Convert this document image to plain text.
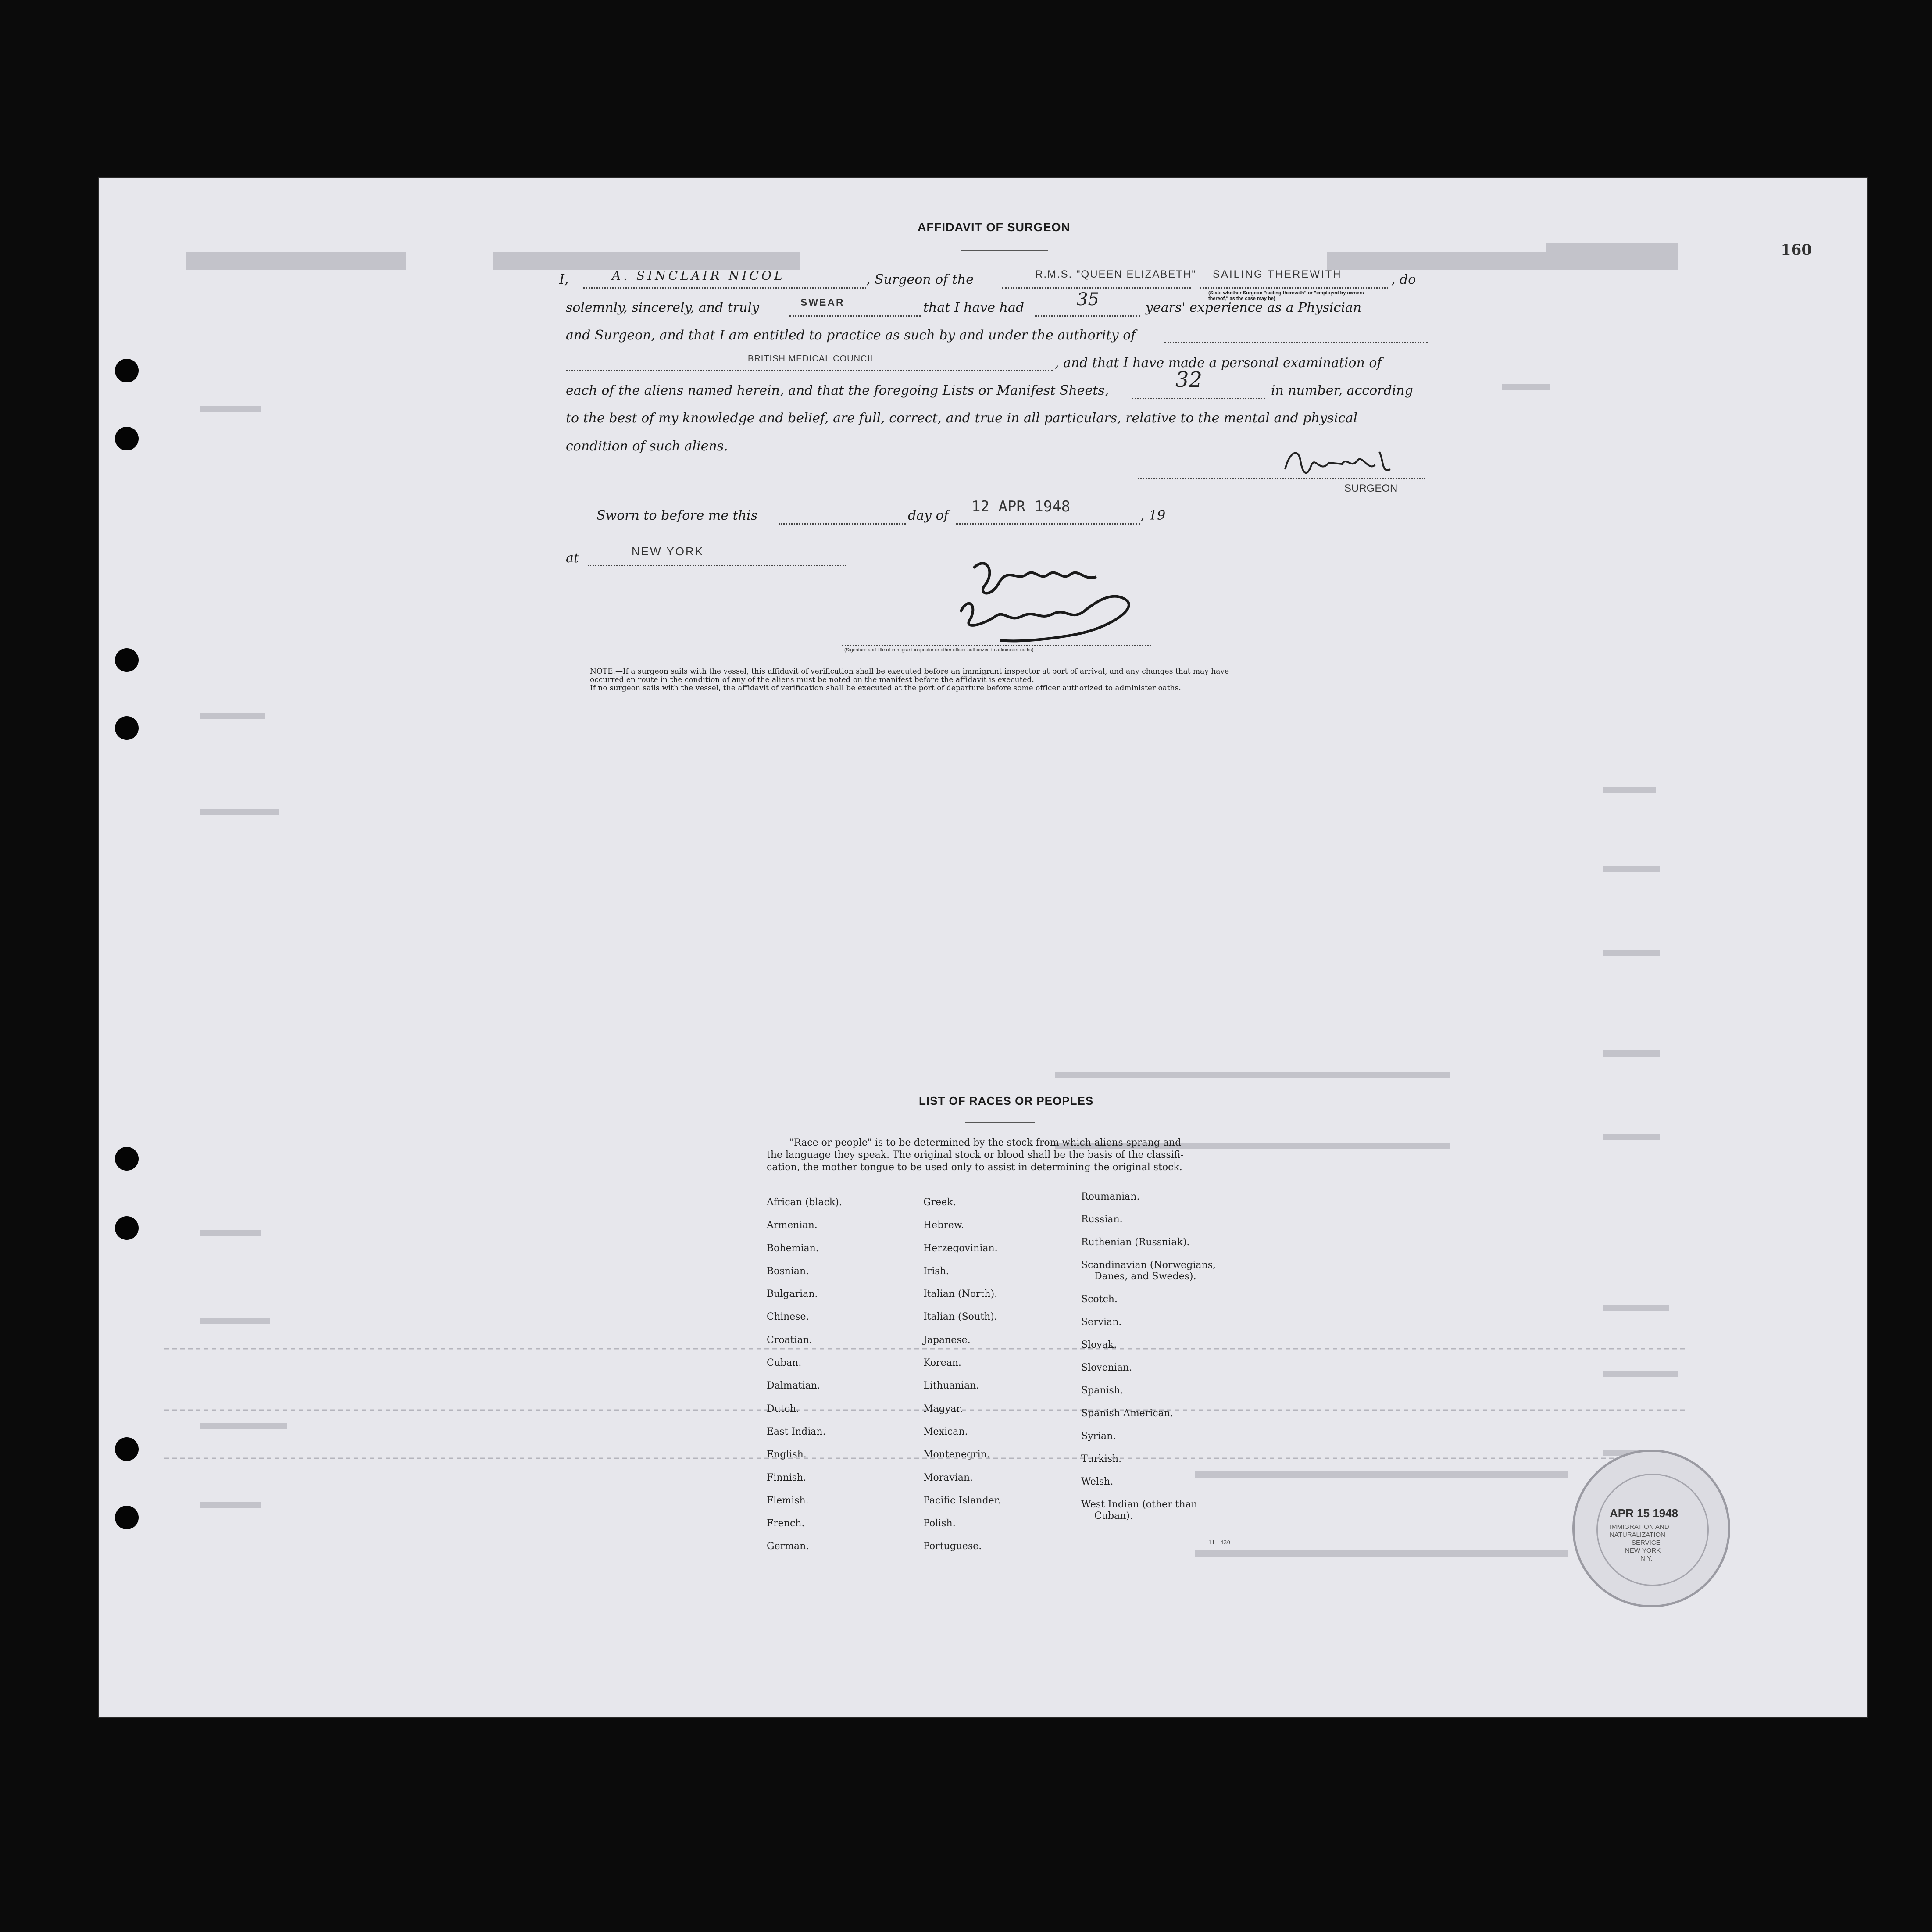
160
AFFIDAVIT OF SURGEON
I,	A. SINCLAIR NICOL	, Surgeon of the	R.M.S. "QUEEN ELIZABETH" SAILING THEREWITH	, do
(State whether Surgeon "sailing therewith" or "employed by owners thereof," as the case may be)
solemnly, sincerely, and truly	SWEAR	that I have had	35	years' experience as a Physician
and Surgeon, and that I am entitled to practice as such by and under the authority of
BRITISH MEDICAL COUNCIL	, and that I have made a personal examination of
each of the aliens named herein, and that the foregoing Lists or Manifest Sheets,	32	in number, according
to the best of my knowledge and belief, are full, correct, and true in all particulars, relative to the mental and physical
condition of such aliens.
SURGEON
Sworn to before me this	day of
12 APR 1948
, 19
at	NEW YORK
(Signature and title of immigrant inspector or other officer authorized to administer oaths)
NOTE.—If a surgeon sails with the vessel, this affidavit of verification shall be executed before an immigrant inspector at port of arrival, and any changes that may have
occurred en route in the condition of any of the aliens must be noted on the manifest before the affidavit is executed.
If no surgeon sails with the vessel, the affidavit of verification shall be executed at the port of departure before some officer authorized to administer oaths.
LIST OF RACES OR PEOPLES
"Race or people" is to be determined by the stock from which aliens sprang and
the language they speak. The original stock or blood shall be the basis of the classifi-
cation, the mother tongue to be used only to assist in determining the original stock.
African (black).
Armenian.
Bohemian.
Bosnian.
Bulgarian.
Chinese.
Croatian.
Cuban.
Dalmatian.
Dutch.
East Indian.
English.
Finnish.
Flemish.
French.
German.
Greek.
Hebrew.
Herzegovinian.
Irish.
Italian (North).
Italian (South).
Japanese.
Korean.
Lithuanian.
Magyar.
Mexican.
Montenegrin.
Moravian.
Pacific Islander.
Polish.
Portuguese.
Roumanian.
Russian.
Ruthenian (Russniak).
Scandinavian (Norwegians,
Danes, and Swedes).
Scotch.
Servian.
Slovak.
Slovenian.
Spanish.
Spanish American.
Syrian.
Turkish.
Welsh.
West Indian (other than
Cuban).
11—430
APR 15 1948
IMMIGRATION AND
NATURALIZATION
SERVICE
NEW YORK
N.Y.
